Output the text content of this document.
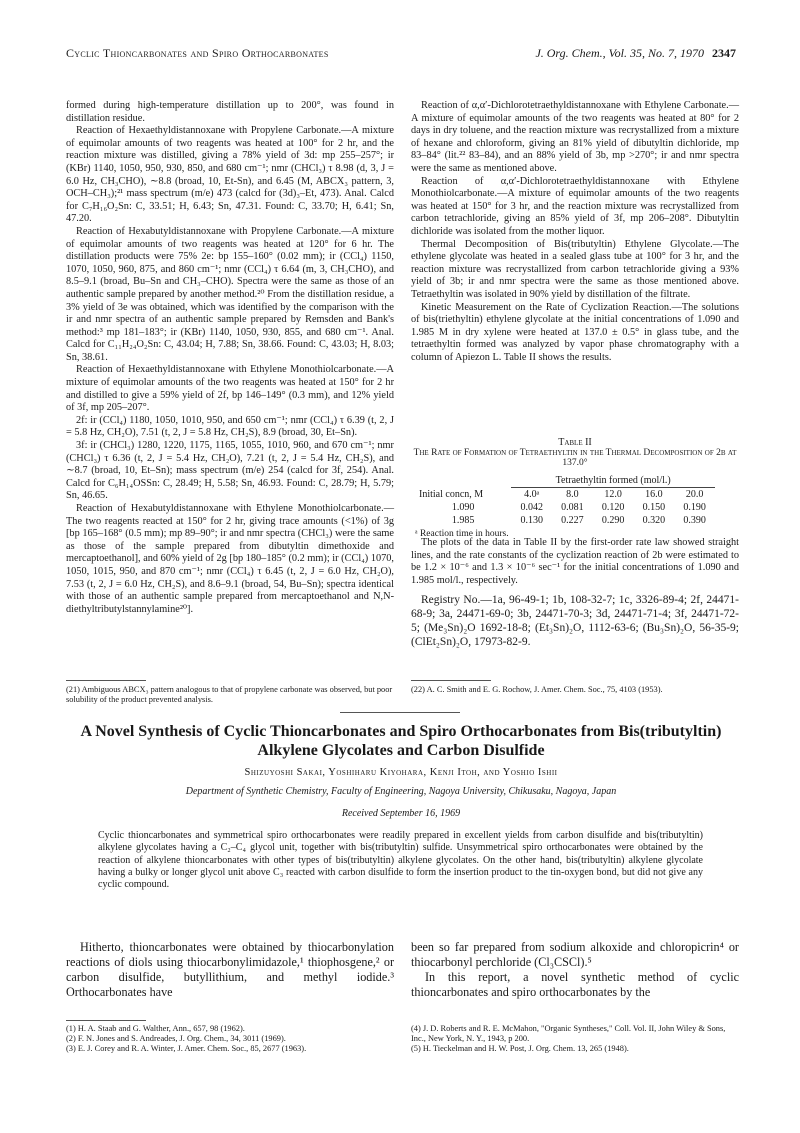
Cyclic Thioncarbonates and Spiro Orthocarbonates	J. Org. Chem., Vol. 35, No. 7, 1970 2347

formed during high-temperature distillation up to 200°, was found in distillation residue.

Reaction of Hexaethyldistannoxane with Propylene Carbonate.—A mixture of equimolar amounts of two reagents was heated at 100° for 2 hr, and the reaction mixture was distilled, giving a 78% yield of 3d: mp 255–257°; ir (KBr) 1140, 1050, 950, 930, 850, and 680 cm⁻¹; nmr (CHCl₃) τ 8.98 (d, 3, J = 6.0 Hz, CH₃CHO), ∼8.8 (broad, 10, Et-Sn), and 6.45 (M, ABCX₃ pattern, 3, OCH–CH₃);²¹ mass spectrum (m/e) 473 (calcd for (3d)₃–Et, 473). Anal. Calcd for C₇H₁₆O₂Sn: C, 33.51; H, 6.43; Sn, 47.31. Found: C, 33.70; H, 6.41; Sn, 47.20.

Reaction of Hexabutyldistannoxane with Propylene Carbonate.—A mixture of equimolar amounts of two reagents was heated at 120° for 6 hr. The distillation products were 75% 2e: bp 155–160° (0.02 mm); ir (CCl₄) 1150, 1070, 1050, 960, 875, and 860 cm⁻¹; nmr (CCl₄) τ 6.64 (m, 3, CH₃CHO), and 8.5–9.1 (broad, Bu–Sn and CH₃–CHO). Spectra were the same as those of an authentic sample prepared by another method.²⁰ From the distillation residue, a 3% yield of 3e was obtained, which was identified by the comparison with the ir and nmr spectra of an authentic sample prepared by Remsden and Bank's method:³ mp 181–183°; ir (KBr) 1140, 1050, 930, 855, and 680 cm⁻¹. Anal. Calcd for C₁₁H₂₄O₂Sn: C, 43.04; H, 7.88; Sn, 38.66. Found: C, 43.03; H, 8.03; Sn, 38.61.

Reaction of Hexaethyldistannoxane with Ethylene Monothiolcarbonate.—A mixture of equimolar amounts of the two reagents was heated at 150° for 2 hr and distilled to give a 59% yield of 2f, bp 146–149° (0.3 mm), and 12% yield of 3f, mp 205–207°.

2f: ir (CCl₄) 1180, 1050, 1010, 950, and 650 cm⁻¹; nmr (CCl₄) τ 6.39 (t, 2, J = 5.8 Hz, CH₂O), 7.51 (t, 2, J = 5.8 Hz, CH₂S), 8.9 (broad, 30, Et–Sn).

3f: ir (CHCl₃) 1280, 1220, 1175, 1165, 1055, 1010, 960, and 670 cm⁻¹; nmr (CHCl₃) τ 6.36 (t, 2, J = 5.4 Hz, CH₂O), 7.21 (t, 2, J = 5.4 Hz, CH₂S), and ∼8.7 (broad, 10, Et–Sn); mass spectrum (m/e) 254 (calcd for 3f, 254). Anal. Calcd for C₆H₁₄OSSn: C, 28.49; H, 5.58; Sn, 46.93. Found: C, 28.79; H, 5.79; Sn, 46.65.

Reaction of Hexabutyldistannoxane with Ethylene Monothiolcarbonate.—The two reagents reacted at 150° for 2 hr, giving trace amounts (<1%) of 3g [bp 165–168° (0.5 mm); mp 89–90°; ir and nmr spectra (CHCl₃) were the same as those of the sample prepared from dibutyltin dimethoxide and mercaptoethanol], and 60% yield of 2g [bp 180–185° (0.2 mm); ir (CCl₄) 1070, 1050, 1015, 950, and 870 cm⁻¹; nmr (CCl₄) τ 6.45 (t, 2, J = 6.0 Hz, CH₂O), 7.53 (t, 2, J = 6.0 Hz, CH₂S), and 8.6–9.1 (broad, 54, Bu–Sn); spectra identical with those of an authentic sample prepared from mercaptoethanol and N,N-diethyltributylstannylamine²⁰].

(21) Ambiguous ABCX₃ pattern analogous to that of propylene carbonate was observed, but poor solubility of the product prevented analysis.

Reaction of α,α′-Dichlorotetraethyldistannoxane with Ethylene Carbonate.—A mixture of equimolar amounts of the two reagents was heated at 80° for 2 days in dry toluene, and the reaction mixture was recrystallized from a mixture of hexane and chloroform, giving an 81% yield of dibutyltin dichloride, mp 83–84° (lit.²² 83–84), and an 88% yield of 3b, mp >270°; ir and nmr spectra were the same as mentioned above.

Reaction of α,α′-Dichlorotetraethyldistannoxane with Ethylene Monothiolcarbonate.—A mixture of equimolar amounts of the two reagents was heated at 150° for 3 hr, and the reaction mixture was recrystallized from carbon tetrachloride, giving an 85% yield of 3f, mp 206–208°. Dibutyltin dichloride was isolated from the mother liquor.

Thermal Decomposition of Bis(tributyltin) Ethylene Glycolate.—The ethylene glycolate was heated in a sealed glass tube at 100° for 3 hr, and the reaction mixture was recrystallized from carbon tetrachloride giving a 93% yield of 3b; ir and nmr spectra were the same as those mentioned above. Tetraethyltin was isolated in 90% yield by distillation of the filtrate.

Kinetic Measurement on the Rate of Cyclization Reaction.—The solutions of bis(triethyltin) ethylene glycolate at the initial concentrations of 1.090 and 1.985 M in dry xylene were heated at 137.0 ± 0.5° in glass tube, and the tetraethyltin formed was analyzed by vapor phase chromatography with a column of Apiezon L. Table II shows the results.

Table II
The Rate of Formation of Tetraethyltin in the Thermal Decomposition of 2b at 137.0°
	Tetraethyltin formed (mol/l.)				
Initial concn, M	4.0ᵃ	8.0	12.0	16.0	20.0
1.090	0.042	0.081	0.120	0.150	0.190
1.985	0.130	0.227	0.290	0.320	0.390
ᵃ Reaction time in hours.

The plots of the data in Table II by the first-order rate law showed straight lines, and the rate constants of the cyclization reaction of 2b were estimated to be 1.2 × 10⁻⁶ and 1.3 × 10⁻⁶ sec⁻¹ for the initial concentrations of 1.090 and 1.985 mol/l., respectively.

Registry No.—1a, 96-49-1; 1b, 108-32-7; 1c, 3326-89-4; 2f, 24471-68-9; 3a, 24471-69-0; 3b, 24471-70-3; 3d, 24471-71-4; 3f, 24471-72-5; (Me₃Sn)₂O 1692-18-8; (Et₃Sn)₂O, 1112-63-6; (Bu₃Sn)₂O, 56-35-9; (ClEt₂Sn)₂O, 17973-82-9.

(22) A. C. Smith and E. G. Rochow, J. Amer. Chem. Soc., 75, 4103 (1953).
A Novel Synthesis of Cyclic Thioncarbonates and Spiro Orthocarbonates from Bis(tributyltin) Alkylene Glycolates and Carbon Disulfide
Shizuyoshi Sakai, Yoshiharu Kiyohara, Kenji Itoh, and Yoshio Ishii
Department of Synthetic Chemistry, Faculty of Engineering, Nagoya University, Chikusaku, Nagoya, Japan
Received September 16, 1969
Cyclic thioncarbonates and symmetrical spiro orthocarbonates were readily prepared in excellent yields from carbon disulfide and bis(tributyltin) alkylene glycolates having a C₂–C₄ glycol unit, together with bis(tributyltin) sulfide. Unsymmetrical spiro orthocarbonates were obtained by the reaction of alkylene thioncarbonates with other types of bis(tributyltin) alkylene glycolates. On the other hand, bis(tributyltin) alkylene glycolate having a bulky or longer glycol unit above C₃ reacted with carbon disulfide to form the insertion product to the tin-oxygen bond, but did not give any cyclic compound.

Hitherto, thioncarbonates were obtained by thiocarbonylation reactions of diols using thiocarbonylimidazole,¹ thiophosgene,² or carbon disulfide, butyllithium, and methyl iodide.³ Orthocarbonates have

been so far prepared from sodium alkoxide and chloropicrin⁴ or thiocarbonyl perchloride (Cl₃CSCl).⁵

In this report, a novel synthetic method of cyclic thioncarbonates and spiro orthocarbonates by the

(1) H. A. Staab and G. Walther, Ann., 657, 98 (1962).
(2) F. N. Jones and S. Andreades, J. Org. Chem., 34, 3011 (1969).
(3) E. J. Corey and R. A. Winter, J. Amer. Chem. Soc., 85, 2677 (1963).
(4) J. D. Roberts and R. E. McMahon, "Organic Syntheses," Coll. Vol. II, John Wiley & Sons, Inc., New York, N. Y., 1943, p 200.
(5) H. Tieckelman and H. W. Post, J. Org. Chem. 13, 265 (1948).
